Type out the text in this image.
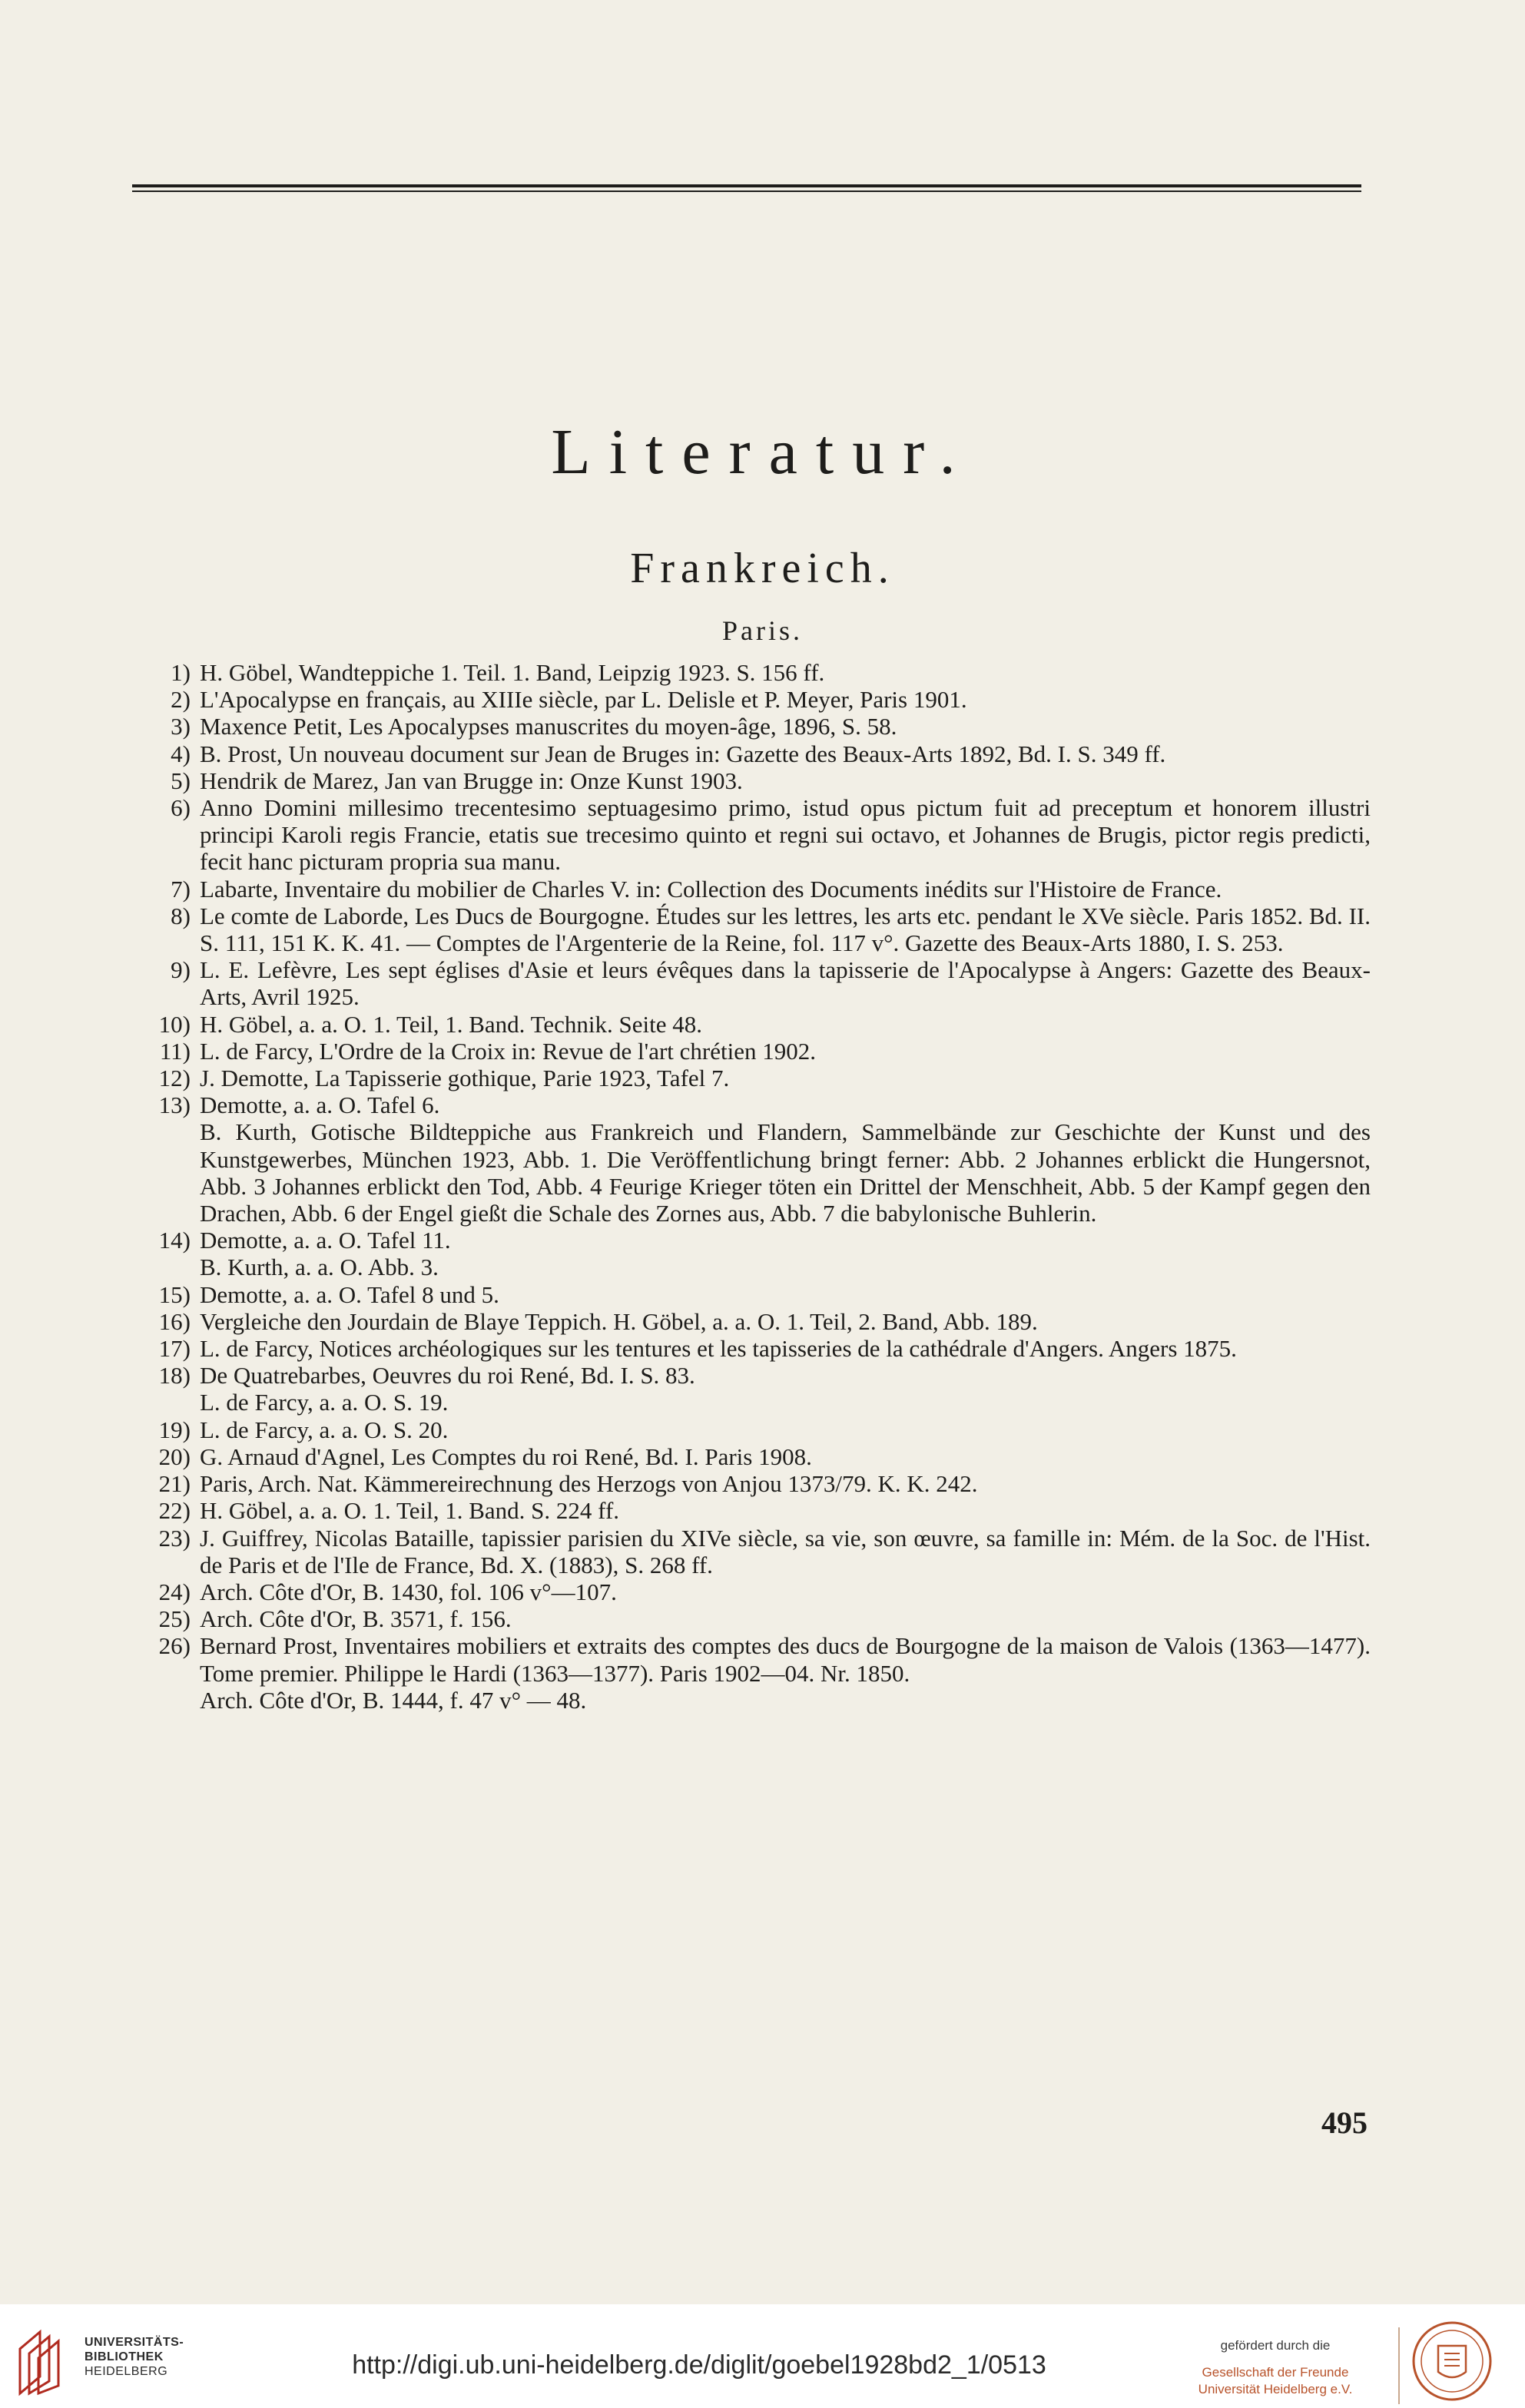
Literatur.
Frankreich.
Paris.
1) H. Göbel, Wandteppiche 1. Teil. 1. Band, Leipzig 1923. S. 156 ff.
2) L'Apocalypse en français, au XIIIe siècle, par L. Delisle et P. Meyer, Paris 1901.
3) Maxence Petit, Les Apocalypses manuscrites du moyen-âge, 1896, S. 58.
4) B. Prost, Un nouveau document sur Jean de Bruges in: Gazette des Beaux-Arts 1892, Bd. I. S. 349 ff.
5) Hendrik de Marez, Jan van Brugge in: Onze Kunst 1903.
6) Anno Domini millesimo trecentesimo septuagesimo primo, istud opus pictum fuit ad preceptum et honorem illustri principi Karoli regis Francie, etatis sue trecesimo quinto et regni sui octavo, et Johannes de Brugis, pictor regis predicti, fecit hanc picturam propria sua manu.
7) Labarte, Inventaire du mobilier de Charles V. in: Collection des Documents inédits sur l'Histoire de France.
8) Le comte de Laborde, Les Ducs de Bourgogne. Études sur les lettres, les arts etc. pendant le XVe siècle. Paris 1852. Bd. II. S. 111, 151 K. K. 41. — Comptes de l'Argenterie de la Reine, fol. 117 v°. Gazette des Beaux-Arts 1880, I. S. 253.
9) L. E. Lefèvre, Les sept églises d'Asie et leurs évêques dans la tapisserie de l'Apocalypse à Angers: Gazette des Beaux-Arts, Avril 1925.
10) H. Göbel, a. a. O. 1. Teil, 1. Band. Technik. Seite 48.
11) L. de Farcy, L'Ordre de la Croix in: Revue de l'art chrétien 1902.
12) J. Demotte, La Tapisserie gothique, Parie 1923, Tafel 7.
13) Demotte, a. a. O. Tafel 6.
B. Kurth, Gotische Bildteppiche aus Frankreich und Flandern, Sammelbände zur Geschichte der Kunst und des Kunstgewerbes, München 1923, Abb. 1. Die Veröffentlichung bringt ferner: Abb. 2 Johannes erblickt die Hungersnot, Abb. 3 Johannes erblickt den Tod, Abb. 4 Feurige Krieger töten ein Drittel der Menschheit, Abb. 5 der Kampf gegen den Drachen, Abb. 6 der Engel gießt die Schale des Zornes aus, Abb. 7 die babylonische Buhlerin.
14) Demotte, a. a. O. Tafel 11.
B. Kurth, a. a. O. Abb. 3.
15) Demotte, a. a. O. Tafel 8 und 5.
16) Vergleiche den Jourdain de Blaye Teppich. H. Göbel, a. a. O. 1. Teil, 2. Band, Abb. 189.
17) L. de Farcy, Notices archéologiques sur les tentures et les tapisseries de la cathédrale d'Angers. Angers 1875.
18) De Quatrebarbes, Oeuvres du roi René, Bd. I. S. 83.
L. de Farcy, a. a. O. S. 19.
19) L. de Farcy, a. a. O. S. 20.
20) G. Arnaud d'Agnel, Les Comptes du roi René, Bd. I. Paris 1908.
21) Paris, Arch. Nat. Kämmereirechnung des Herzogs von Anjou 1373/79. K. K. 242.
22) H. Göbel, a. a. O. 1. Teil, 1. Band. S. 224 ff.
23) J. Guiffrey, Nicolas Bataille, tapissier parisien du XIVe siècle, sa vie, son œuvre, sa famille in: Mém. de la Soc. de l'Hist. de Paris et de l'Ile de France, Bd. X. (1883), S. 268 ff.
24) Arch. Côte d'Or, B. 1430, fol. 106 v°—107.
25) Arch. Côte d'Or, B. 3571, f. 156.
26) Bernard Prost, Inventaires mobiliers et extraits des comptes des ducs de Bourgogne de la maison de Valois (1363—1477). Tome premier. Philippe le Hardi (1363—1377). Paris 1902—04. Nr. 1850.
Arch. Côte d'Or, B. 1444, f. 47 v° — 48.
495
UNIVERSITÄTS-
BIBLIOTHEK
HEIDELBERG	http://digi.ub.uni-heidelberg.de/diglit/goebel1928bd2_1/0513
gefördert durch die
Gesellschaft der Freunde
Universität Heidelberg e.V.
